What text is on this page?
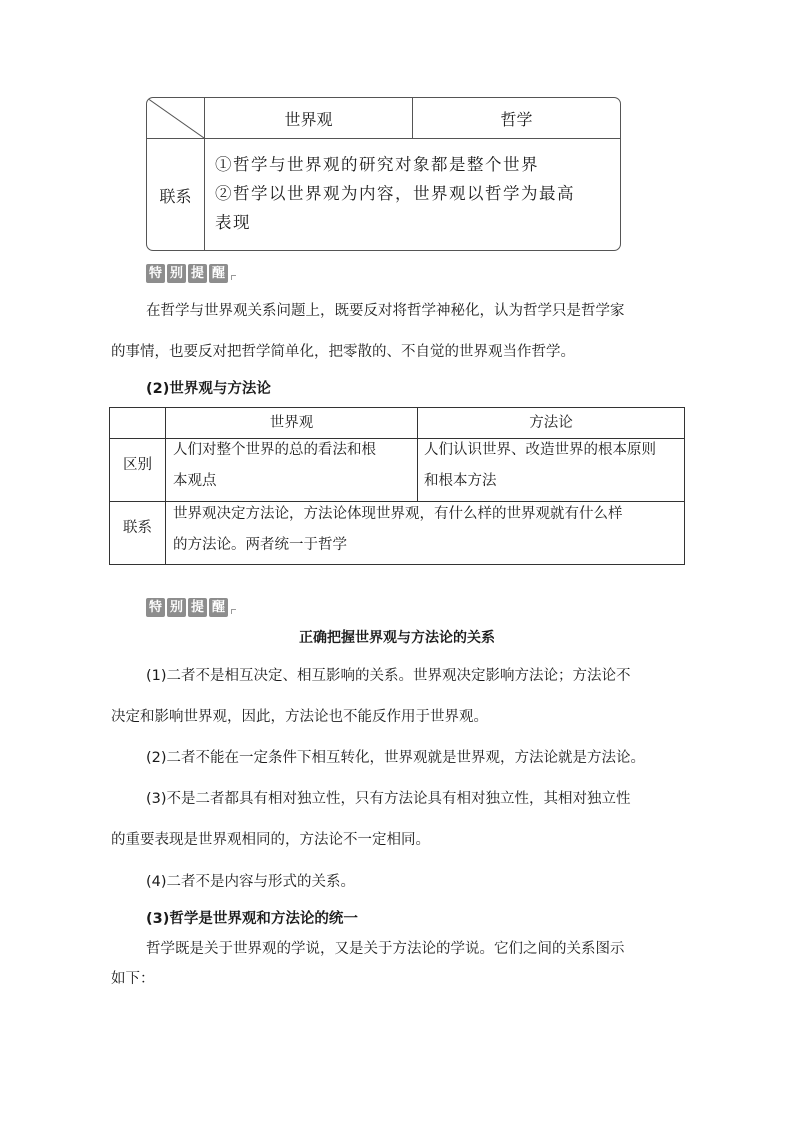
世界观	哲学
联系
①哲学与世界观的研究对象都是整个世界
②哲学以世界观为内容，世界观以哲学为最高
表现
特 别 提 醒
在哲学与世界观关系问题上，既要反对将哲学神秘化，认为哲学只是哲学家
的事情，也要反对把哲学简单化，把零散的、不自觉的世界观当作哲学。
(2)世界观与方法论
世界观	方法论
区别
人们对整个世界的总的看法和根
本观点
人们认识世界、改造世界的根本原则
和根本方法
联系
世界观决定方法论，方法论体现世界观，有什么样的世界观就有什么样
的方法论。两者统一于哲学
特 别 提 醒
正确把握世界观与方法论的关系
(1)二者不是相互决定、相互影响的关系。世界观决定影响方法论；方法论不
决定和影响世界观，因此，方法论也不能反作用于世界观。
(2)二者不能在一定条件下相互转化，世界观就是世界观，方法论就是方法论。
(3)不是二者都具有相对独立性，只有方法论具有相对独立性，其相对独立性
的重要表现是世界观相同的，方法论不一定相同。
(4)二者不是内容与形式的关系。
(3)哲学是世界观和方法论的统一
哲学既是关于世界观的学说，又是关于方法论的学说。它们之间的关系图示
如下：
